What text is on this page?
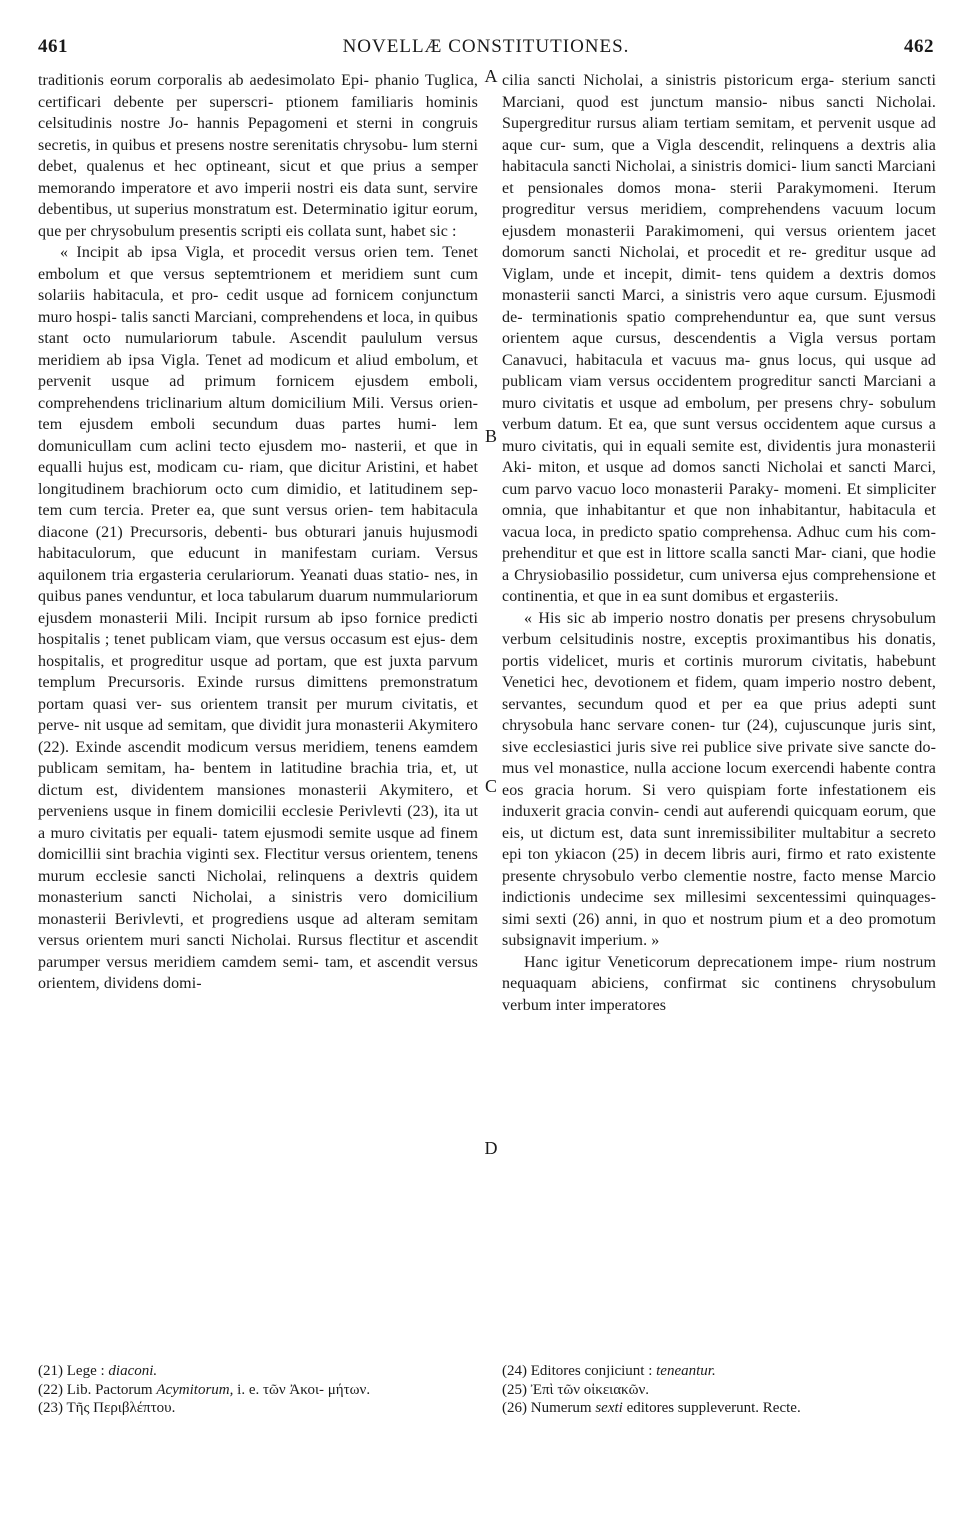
461	NOVELLÆ CONSTITUTIONES.	462

traditionis eorum corporalis ab aedesimolato Epi- phanio Tuglica, certificari debente per superscri- ptionem familiaris hominis celsitudinis nostre Jo- hannis Pepagomeni et sterni in congruis secretis, in quibus et presens nostre serenitatis chrysobu- lum sterni debet, qualenus et hec optineant, sicut et que prius a semper memorando imperatore et avo imperii nostri eis data sunt, servire debentibus, ut superius monstratum est. Determinatio igitur eorum, que per chrysobulum presentis scripti eis collata sunt, habet sic :

« Incipit ab ipsa Vigla, et procedit versus orien tem. Tenet embolum et que versus septemtrionem et meridiem sunt cum solariis habitacula, et pro- cedit usque ad fornicem conjunctum muro hospi- talis sancti Marciani, comprehendens et loca, in quibus stant octo numulariorum tabule. Ascendit paululum versus meridiem ab ipsa Vigla. Tenet ad modicum et aliud embolum, et pervenit usque ad primum fornicem ejusdem emboli, comprehendens triclinarium altum domicilium Mili. Versus orien- tem ejusdem emboli secundum duas partes humi- lem domunicullam cum aclini tecto ejusdem mo- nasterii, et que in equalli hujus est, modicam cu- riam, que dicitur Aristini, et habet longitudinem brachiorum octo cum dimidio, et latitudinem sep- tem cum tercia. Preter ea, que sunt versus orien- tem habitacula diacone (21) Precursoris, debenti- bus obturari januis hujusmodi habitaculorum, que educunt in manifestam curiam. Versus aquilonem tria ergasteria cerulariorum. Yeanati duas statio- nes, in quibus panes venduntur, et loca tabularum duarum nummulariorum ejusdem monasterii Mili. Incipit rursum ab ipso fornice predicti hospitalis ; tenet publicam viam, que versus occasum est ejus- dem hospitalis, et progreditur usque ad portam, que est juxta parvum templum Precursoris. Exinde rursus dimittens premonstratum portam quasi ver- sus orientem transit per murum civitatis, et perve- nit usque ad semitam, que dividit jura monasterii Akymitero (22). Exinde ascendit modicum versus meridiem, tenens eamdem publicam semitam, ha- bentem in latitudine brachia tria, et, ut dictum est, dividentem mansiones monasterii Akymitero, et perveniens usque in finem domicilii ecclesie Perivlevti (23), ita ut a muro civitatis per equali- tatem ejusmodi semite usque ad finem domicillii sint brachia viginti sex. Flectitur versus orientem, tenens murum ecclesie sancti Nicholai, relinquens a dextris quidem monasterium sancti Nicholai, a sinistris vero domicilium monasterii Berivlevti, et progrediens usque ad alteram semitam versus orientem muri sancti Nicholai. Rursus flectitur et ascendit parumper versus meridiem camdem semi- tam, et ascendit versus orientem, dividens domi-

A
B
C
D

cilia sancti Nicholai, a sinistris pistoricum erga- sterium sancti Marciani, quod est junctum mansio- nibus sancti Nicholai. Supergreditur rursus aliam tertiam semitam, et pervenit usque ad aque cur- sum, que a Vigla descendit, relinquens a dextris alia habitacula sancti Nicholai, a sinistris domici- lium sancti Marciani et pensionales domos mona- sterii Parakymomeni. Iterum progreditur versus meridiem, comprehendens vacuum locum ejusdem monasterii Parakimomeni, qui versus orientem jacet domorum sancti Nicholai, et procedit et re- greditur usque ad Viglam, unde et incepit, dimit- tens quidem a dextris domos monasterii sancti Marci, a sinistris vero aque cursum. Ejusmodi de- terminationis spatio comprehenduntur ea, que sunt versus orientem aque cursus, descendentis a Vigla versus portam Canavuci, habitacula et vacuus ma- gnus locus, qui usque ad publicam viam versus occidentem progreditur sancti Marciani a muro civitatis et usque ad embolum, per presens chry- sobulum verbum datum. Et ea, que sunt versus occidentem aque cursus a muro civitatis, qui in equali semite est, dividentis jura monasterii Aki- miton, et usque ad domos sancti Nicholai et sancti Marci, cum parvo vacuo loco monasterii Paraky- momeni. Et simpliciter omnia, que inhabitantur et que non inhabitantur, habitacula et vacua loca, in predicto spatio comprehensa. Adhuc cum his com- prehenditur et que est in littore scalla sancti Mar- ciani, que hodie a Chrysiobasilio possidetur, cum universa ejus comprehensione et continentia, et que in ea sunt domibus et ergasteriis.

« His sic ab imperio nostro donatis per presens chrysobulum verbum celsitudinis nostre, exceptis proximantibus his donatis, portis videlicet, muris et cortinis murorum civitatis, habebunt Venetici hec, devotionem et fidem, quam imperio nostro debent, servantes, secundum quod et per ea que prius adepti sunt chrysobula hanc servare conen- tur (24), cujuscunque juris sint, sive ecclesiastici juris sive rei publice sive private sive sancte do- mus vel monastice, nulla accione locum exercendi habente contra eos gracia horum. Si vero quispiam forte infestationem eis induxerit gracia convin- cendi aut auferendi quicquam eorum, que eis, ut dictum est, data sunt inremissibiliter multabitur a secreto epi ton ykiacon (25) in decem libris auri, firmo et rato existente presente chrysobulo verbo clementie nostre, facto mense Marcio indictionis undecime sex millesimi sexcentessimi quinquages- simi sexti (26) anni, in quo et nostrum pium et a deo promotum subsignavit imperium. »

Hanc igitur Veneticorum deprecationem impe- rium nostrum nequaquam abiciens, confirmat sic continens chrysobulum verbum inter imperatores

(21) Lege : diaconi.

(22) Lib. Pactorum Acymitorum, i. e. τῶν Ἀκοι- μήτων.

(23) Τῆς Περιβλέπτου.

(24) Editores conjiciunt : teneantur.

(25) Ἐπὶ τῶν οἰκειακῶν.

(26) Numerum sexti editores suppleverunt. Recte.
